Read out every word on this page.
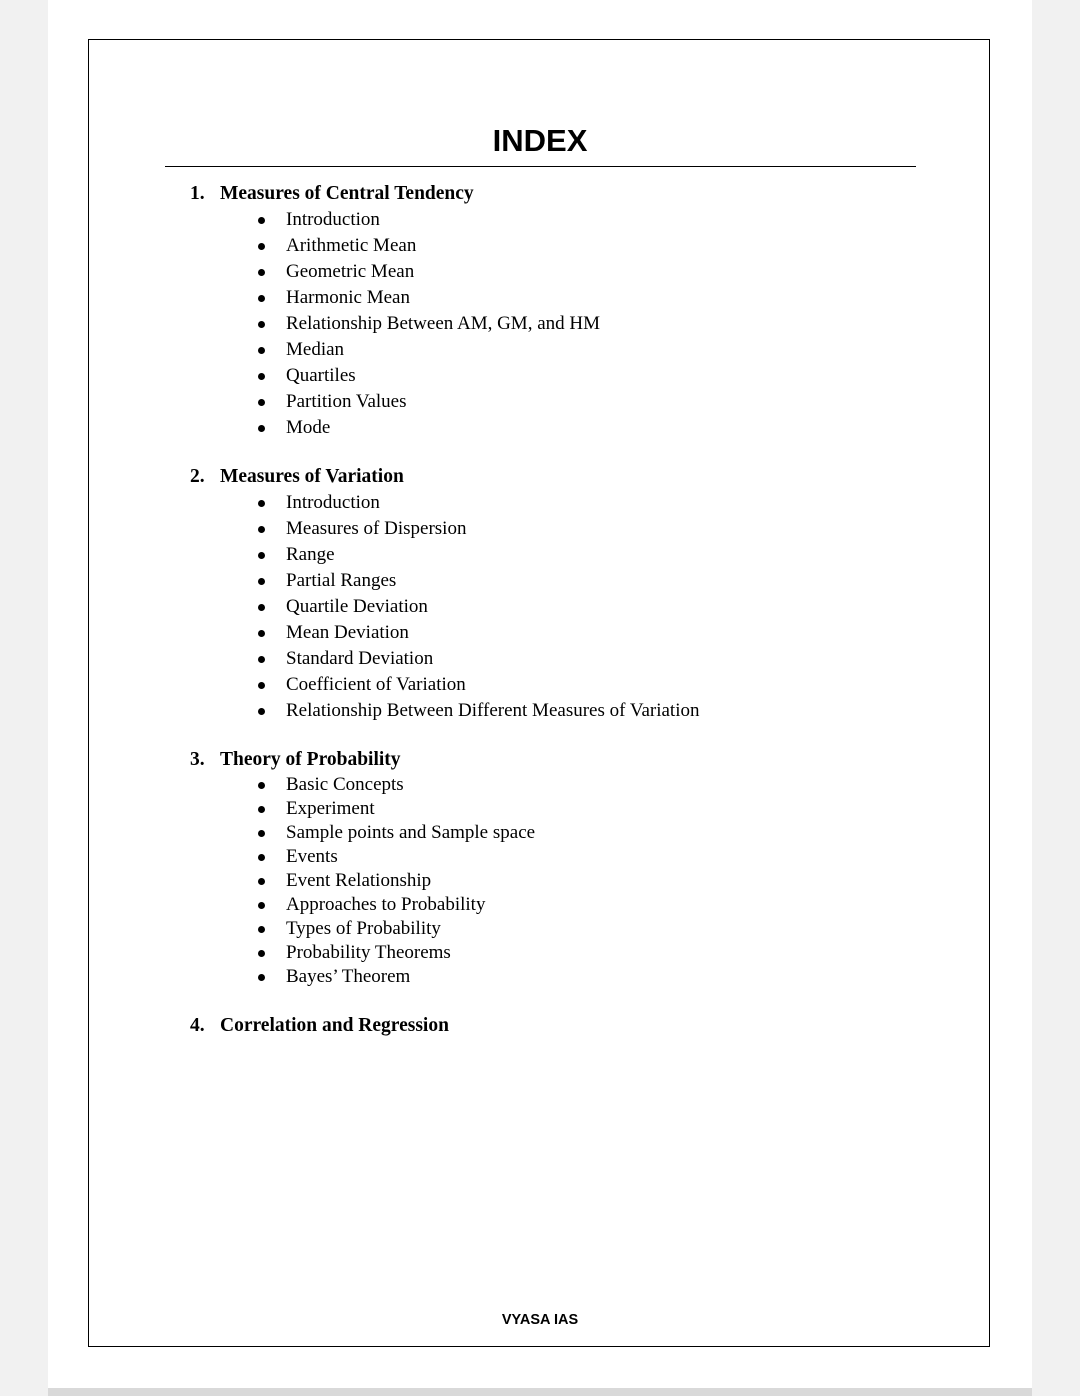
INDEX
1. Measures of Central Tendency
Introduction
Arithmetic Mean
Geometric Mean
Harmonic Mean
Relationship Between AM, GM, and HM
Median
Quartiles
Partition Values
Mode
2. Measures of Variation
Introduction
Measures of Dispersion
Range
Partial Ranges
Quartile Deviation
Mean Deviation
Standard Deviation
Coefficient of Variation
Relationship Between Different Measures of Variation
3. Theory of Probability
Basic Concepts
Experiment
Sample points and Sample space
Events
Event Relationship
Approaches to Probability
Types of Probability
Probability Theorems
Bayes’ Theorem
4. Correlation and Regression
VYASA IAS
